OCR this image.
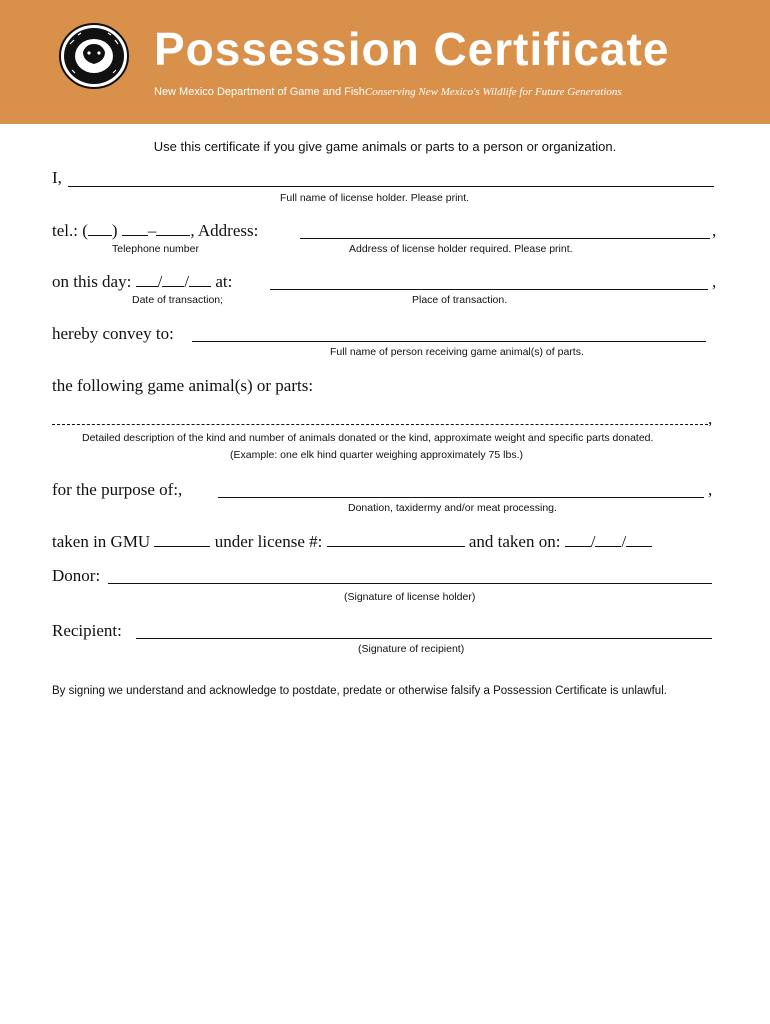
Possession Certificate
New Mexico Department of Game and FishConserving New Mexico's Wildlife for Future Generations
Use this certificate if you give game animals or parts to a person or organization.
I,
Full name of license holder. Please print.
tel.: ( ) – , Address:	,
Telephone number	Address of license holder required. Please print.
on this day: / / at:	,
Date of transaction;	Place of transaction.
hereby convey to:
Full name of person receiving game animal(s) of parts.
the following game animal(s) or parts:
,
Detailed description of the kind and number of animals donated or the kind, approximate weight and specific parts donated.
(Example: one elk hind quarter weighing approximately 75 lbs.)
for the purpose of:,	,
Donation, taxidermy and/or meat processing.
taken in GMU	under license #:	and taken on: / /
Donor:
(Signature of license holder)
Recipient:
(Signature of recipient)
By signing we understand and acknowledge to postdate, predate or otherwise falsify a Possession Certificate is unlawful.
